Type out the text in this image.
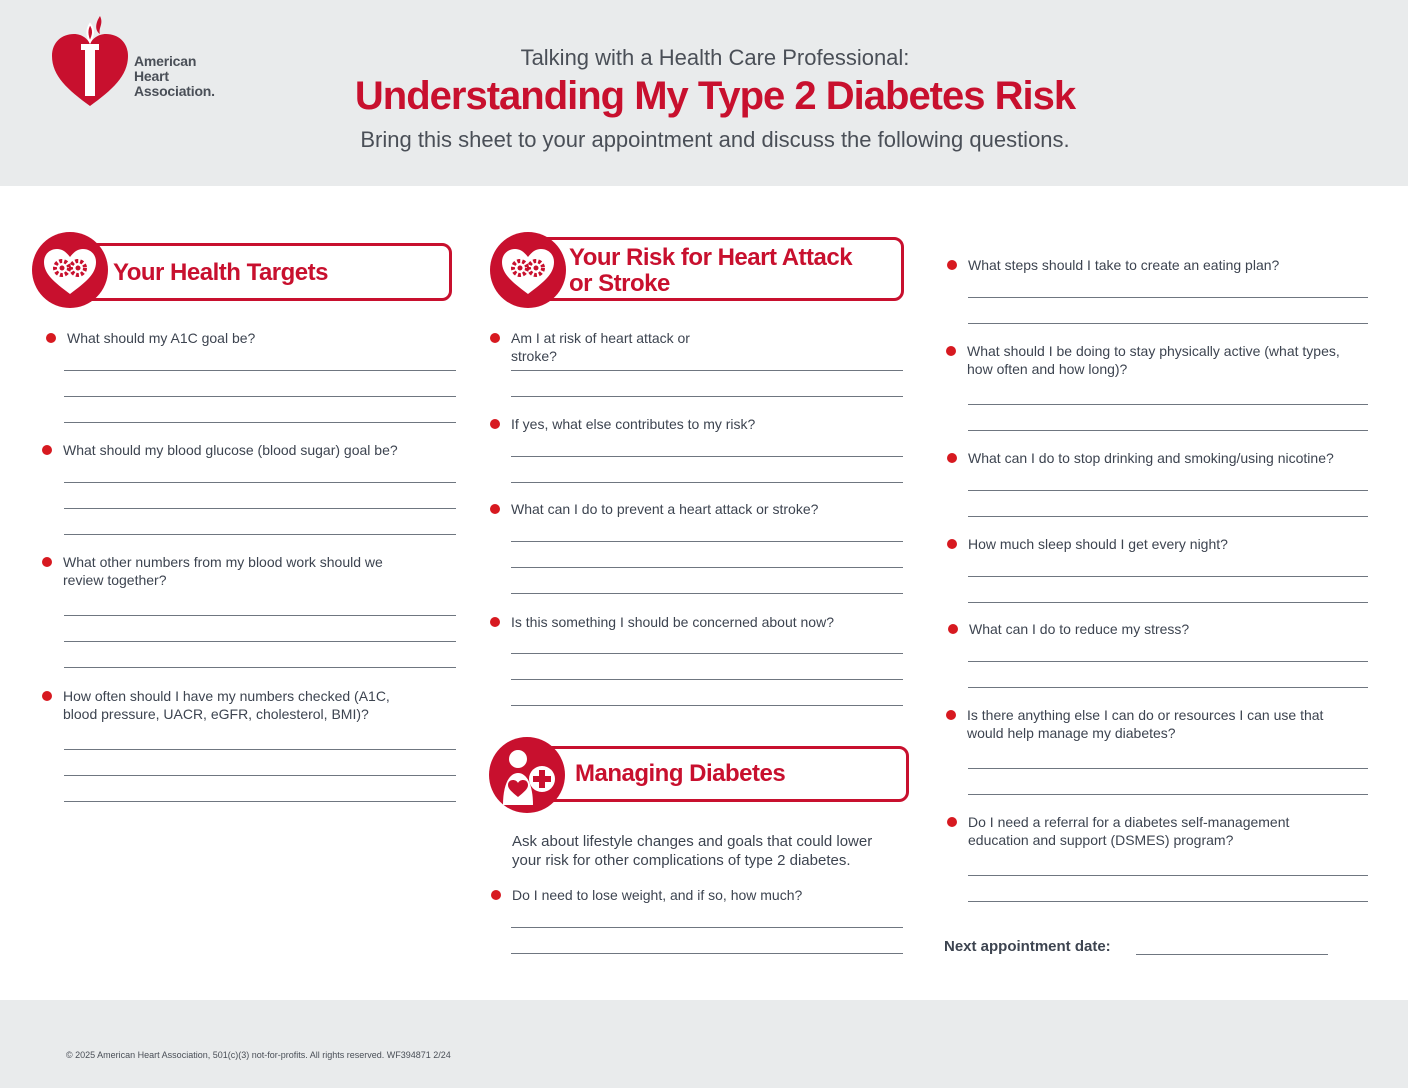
American
Heart
Association.
Talking with a Health Care Professional:
Understanding My Type 2 Diabetes Risk
Bring this sheet to your appointment and discuss the following questions.
Your Health Targets
What should my A1C goal be?
What should my blood glucose (blood sugar) goal be?
What other numbers from my blood work should we review together?
How often should I have my numbers checked (A1C, blood pressure, UACR, eGFR, cholesterol, BMI)?
Your Risk for Heart Attack
or Stroke
Am I at risk of heart attack or stroke?
If yes, what else contributes to my risk?
What can I do to prevent a heart attack or stroke?
Is this something I should be concerned about now?
Managing Diabetes
Ask about lifestyle changes and goals that could lower your risk for other complications of type 2 diabetes.
Do I need to lose weight, and if so, how much?
What steps should I take to create an eating plan?
What should I be doing to stay physically active (what types, how often and how long)?
What can I do to stop drinking and smoking/using nicotine?
How much sleep should I get every night?
What can I do to reduce my stress?
Is there anything else I can do or resources I can use that would help manage my diabetes?
Do I need a referral for a diabetes self-management education and support (DSMES) program?
Next appointment date:
© 2025 American Heart Association, 501(c)(3) not-for-profits. All rights reserved. WF394871 2/24
